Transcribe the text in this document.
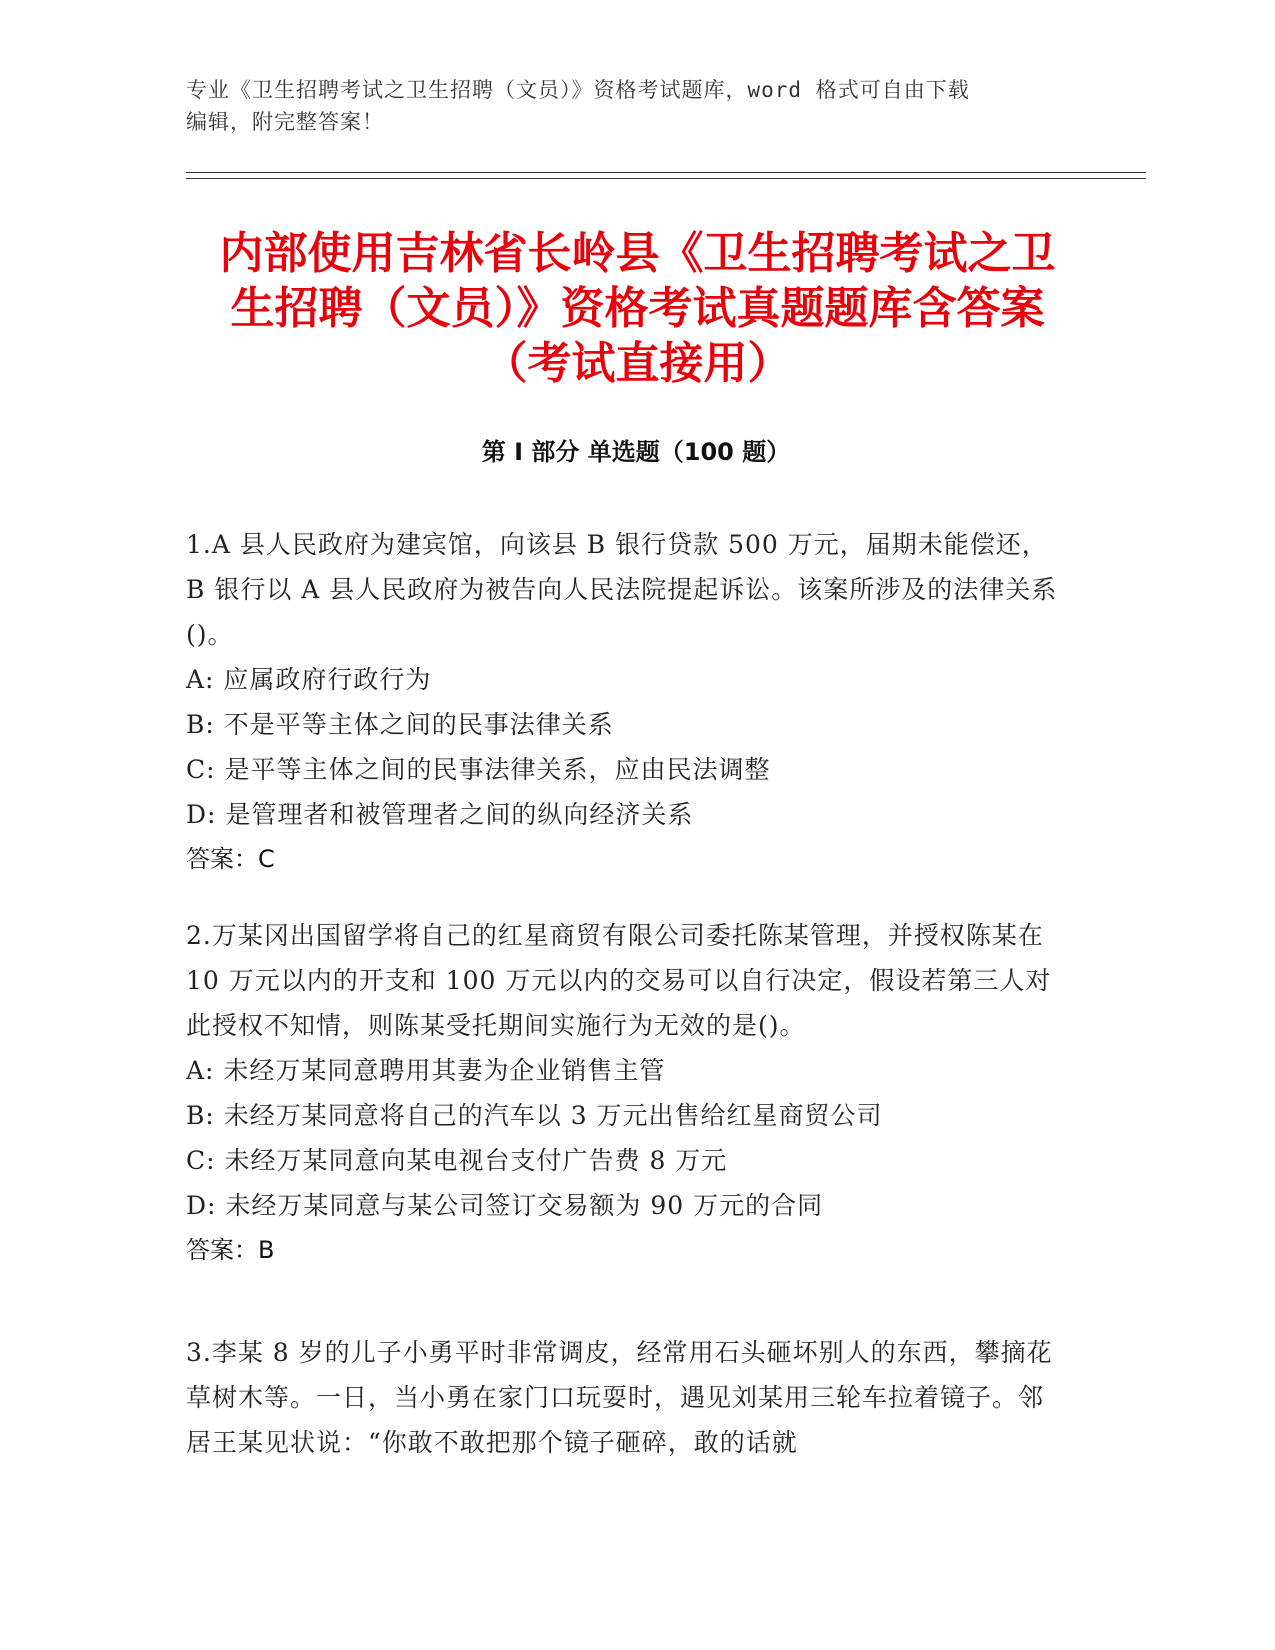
专业《卫生招聘考试之卫生招聘（文员）》资格考试题库，word 格式可自由下载
编辑，附完整答案！
内部使用吉林省长岭县《卫生招聘考试之卫
生招聘（文员）》资格考试真题题库含答案
（考试直接用）
第 I 部分 单选题（100 题）

1.A 县人民政府为建宾馆，向该县 B 银行贷款 500 万元，届期未能偿还，B 银行以 A 县人民政府为被告向人民法院提起诉讼。该案所涉及的法律关系()。

A: 应属政府行政行为

B: 不是平等主体之间的民事法律关系

C: 是平等主体之间的民事法律关系，应由民法调整

D: 是管理者和被管理者之间的纵向经济关系

答案：C

2.万某冈出国留学将自己的红星商贸有限公司委托陈某管理，并授权陈某在 10 万元以内的开支和 100 万元以内的交易可以自行决定，假设若第三人对此授权不知情，则陈某受托期间实施行为无效的是()。

A: 未经万某同意聘用其妻为企业销售主管

B: 未经万某同意将自己的汽车以 3 万元出售给红星商贸公司

C: 未经万某同意向某电视台支付广告费 8 万元

D: 未经万某同意与某公司签订交易额为 90 万元的合同

答案：B

3.李某 8 岁的儿子小勇平时非常调皮，经常用石头砸坏别人的东西，攀摘花草树木等。一日，当小勇在家门口玩耍时，遇见刘某用三轮车拉着镜子。邻居王某见状说：“你敢不敢把那个镜子砸碎，敢的话就
